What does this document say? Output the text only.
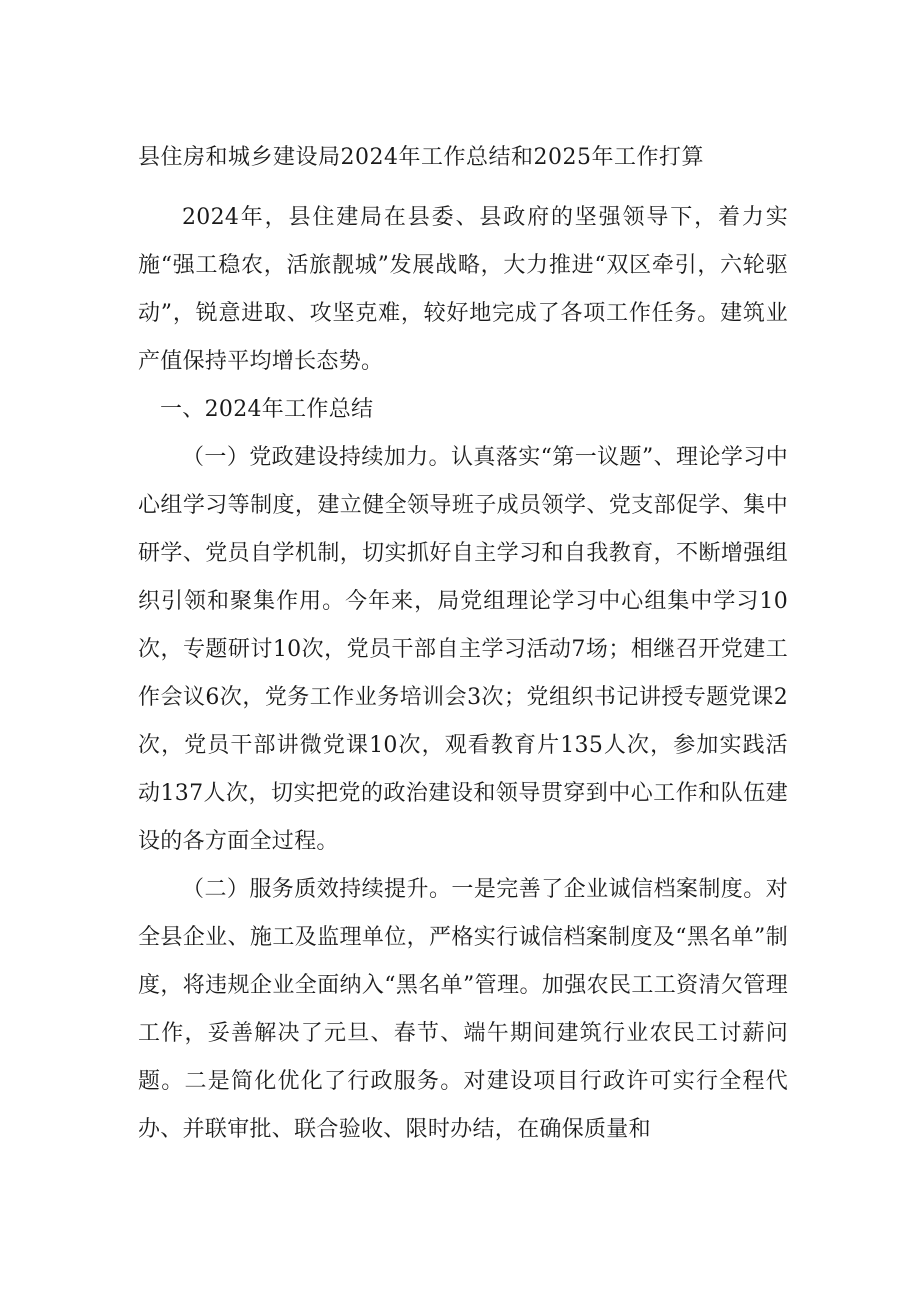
县住房和城乡建设局2024年工作总结和2025年工作打算

2024年，县住建局在县委、县政府的坚强领导下，着力实施“强工稳农，活旅靓城”发展战略，大力推进“双区牵引，六轮驱动”，锐意进取、攻坚克难，较好地完成了各项工作任务。建筑业产值保持平均增长态势。

一、2024年工作总结

（一）党政建设持续加力。认真落实“第一议题”、理论学习中心组学习等制度，建立健全领导班子成员领学、党支部促学、集中研学、党员自学机制，切实抓好自主学习和自我教育，不断增强组织引领和聚集作用。今年来，局党组理论学习中心组集中学习10次，专题研讨10次，党员干部自主学习活动7场；相继召开党建工作会议6次，党务工作业务培训会3次；党组织书记讲授专题党课2次，党员干部讲微党课10次，观看教育片135人次，参加实践活动137人次，切实把党的政治建设和领导贯穿到中心工作和队伍建设的各方面全过程。

（二）服务质效持续提升。一是完善了企业诚信档案制度。对全县企业、施工及监理单位，严格实行诚信档案制度及“黑名单”制度，将违规企业全面纳入“黑名单”管理。加强农民工工资清欠管理工作，妥善解决了元旦、春节、端午期间建筑行业农民工讨薪问题。二是简化优化了行政服务。对建设项目行政许可实行全程代办、并联审批、联合验收、限时办结，在确保质量和
